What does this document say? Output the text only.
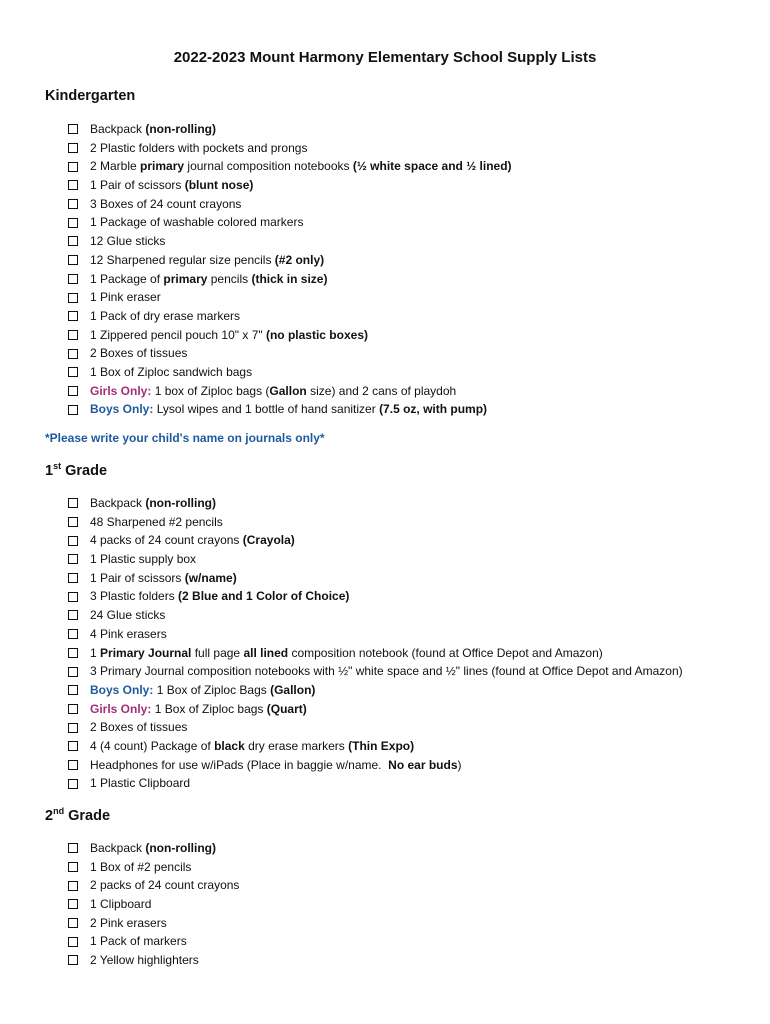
2022-2023 Mount Harmony Elementary School Supply Lists
Kindergarten
Backpack (non-rolling)
2 Plastic folders with pockets and prongs
2 Marble primary journal composition notebooks (½ white space and ½ lined)
1 Pair of scissors (blunt nose)
3 Boxes of 24 count crayons
1 Package of washable colored markers
12 Glue sticks
12 Sharpened regular size pencils (#2 only)
1 Package of primary pencils (thick in size)
1 Pink eraser
1 Pack of dry erase markers
1 Zippered pencil pouch 10" x 7" (no plastic boxes)
2 Boxes of tissues
1 Box of Ziploc sandwich bags
Girls Only: 1 box of Ziploc bags (Gallon size) and 2 cans of playdoh
Boys Only: Lysol wipes and 1 bottle of hand sanitizer (7.5 oz, with pump)
*Please write your child's name on journals only*
1st Grade
Backpack (non-rolling)
48 Sharpened #2 pencils
4 packs of 24 count crayons (Crayola)
1 Plastic supply box
1 Pair of scissors (w/name)
3 Plastic folders (2 Blue and 1 Color of Choice)
24 Glue sticks
4 Pink erasers
1 Primary Journal full page all lined composition notebook (found at Office Depot and Amazon)
3 Primary Journal composition notebooks with ½" white space and ½" lines (found at Office Depot and Amazon)
Boys Only: 1 Box of Ziploc Bags (Gallon)
Girls Only: 1 Box of Ziploc bags (Quart)
2 Boxes of tissues
4 (4 count) Package of black dry erase markers (Thin Expo)
Headphones for use w/iPads (Place in baggie w/name.  No ear buds)
1 Plastic Clipboard
2nd Grade
Backpack (non-rolling)
1 Box of #2 pencils
2 packs of 24 count crayons
1 Clipboard
2 Pink erasers
1 Pack of markers
2 Yellow highlighters
